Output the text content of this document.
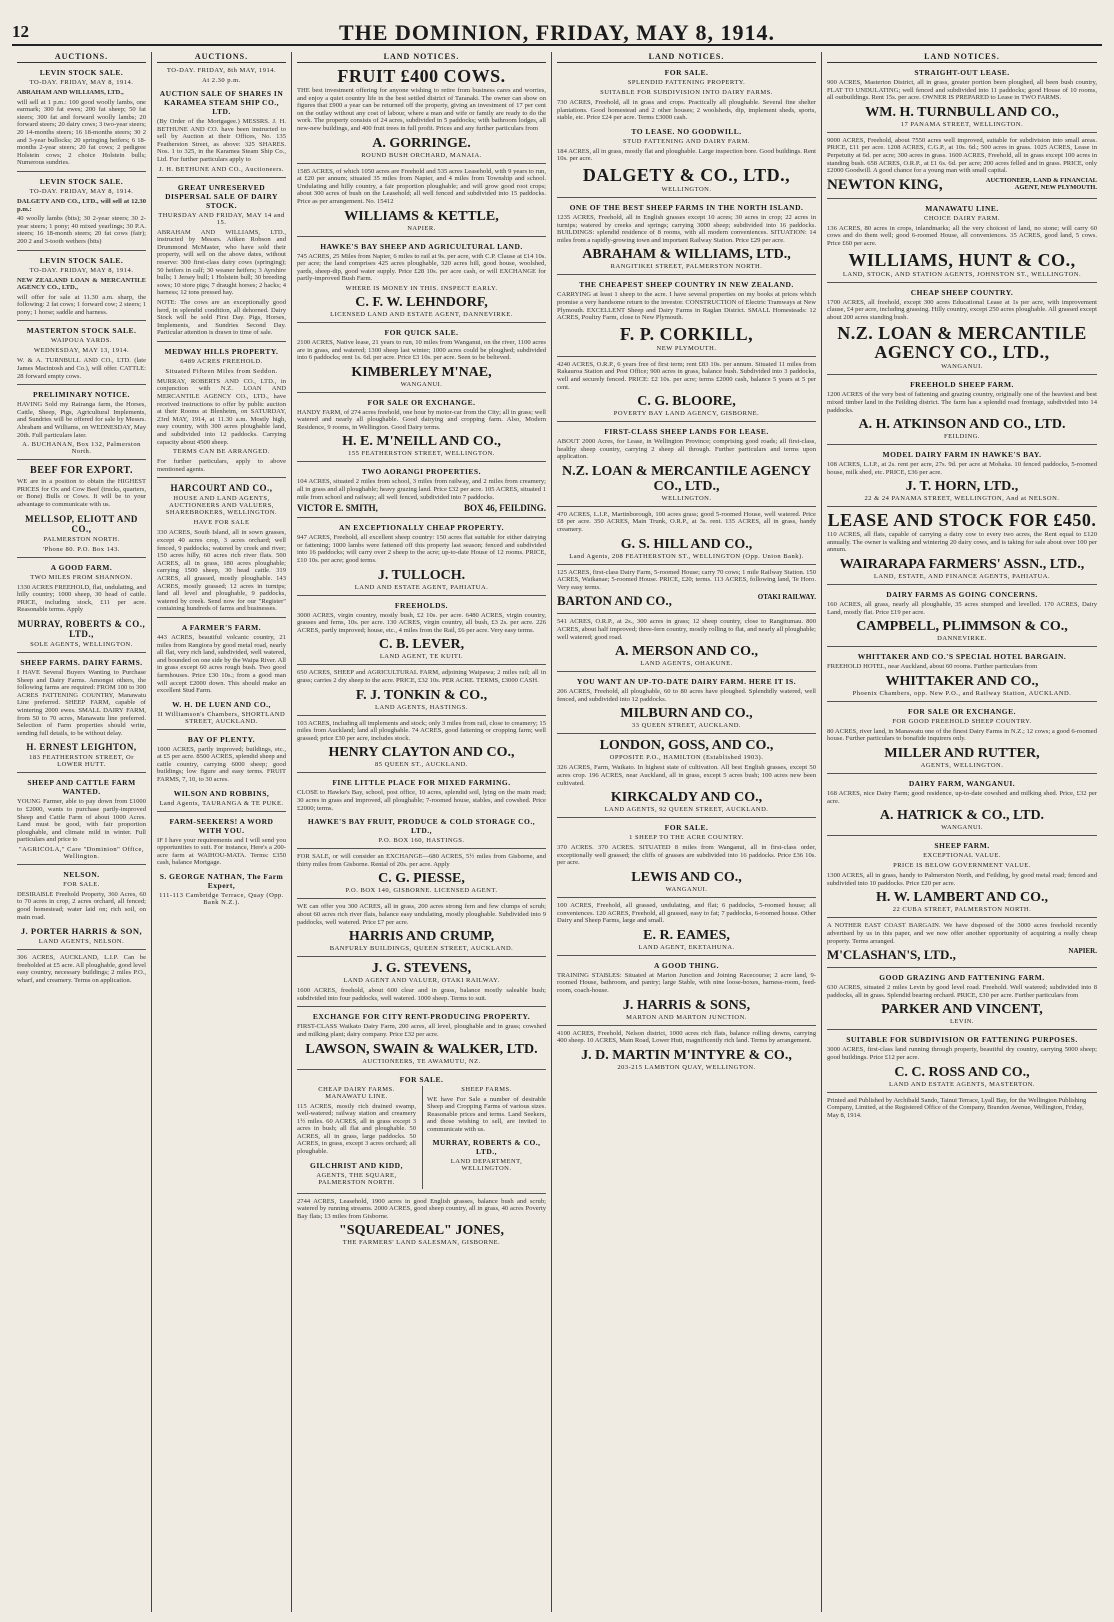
12	THE DOMINION, FRIDAY, MAY 8, 1914.
AUCTIONS.
LEVIN STOCK SALE.
TO-DAY. FRIDAY, MAY 8, 1914.
ABRAHAM AND WILLIAMS, LTD.,
will sell at 1 p.m.: 100 good woolly lambs, one earmark; 300 fat ewes; 200 fat sheep; 50 fat steers; 300 fat and forward woolly lambs; 20 forward steers; 20 dairy cows; 3 two-year steers; 20 14-months steers; 16 18-months steers; 30 2 and 3-year bullocks; 20 springing heifers; 6 18-months 2-year steers; 20 fat cows; 2 pedigree Holstein cows; 2 choice Holstein bulls; Numerous sundries.
LEVIN STOCK SALE.
TO-DAY. FRIDAY, MAY 8, 1914.
DALGETY AND CO., LTD., will sell at 12.30 p.m.:
40 woolly lambs (bits); 30 2-year steers; 30 2-year steers; 1 pony; 40 mixed yearlings; 30 P.A. steers; 16 18-month steers; 20 fat cows (fair); 200 2 and 3-tooth wethers (bits)
LEVIN STOCK SALE.
TO-DAY. FRIDAY, MAY 8, 1914.
NEW ZEALAND LOAN & MERCANTILE AGENCY CO., LTD.,
will offer for sale at 11.30 a.m. sharp, the following: 2 fat cows; 1 forward cow; 2 steers; 1 pony; 1 horse; saddle and harness.
MASTERTON STOCK SALE.
WAIPOUA YARDS.
WEDNESDAY, MAY 13, 1914.
W. & A. TURNBULL AND CO., LTD. (late James Macintosh and Co.), will offer. CATTLE: 28 forward empty cows.
PRELIMINARY NOTICE.
HAVING Sold my Rairanga farm, the Horses, Cattle, Sheep, Pigs, Agricultural Implements, and Sundries will be offered for sale by Messrs. Abraham and Williams, on WEDNESDAY, May 20th. Full particulars later.
A. BUCHANAN, Box 132, Palmerston North.
BEEF FOR EXPORT.
WE are in a position to obtain the HIGHEST PRICES for Ox and Cow Beef (trucks, quarters, or Bone) Bulls or Cows. It will be to your advantage to communicate with us.
MELLSOP, ELIOTT AND CO.,
PALMERSTON NORTH.
'Phone 80. P.O. Box 143.
A GOOD FARM.
TWO MILES FROM SHANNON.
1330 ACRES FREEHOLD, flat, undulating, and hilly country; 1000 sheep, 30 head of cattle. PRICE, including stock, £11 per acre. Reasonable terms. Apply
MURRAY, ROBERTS & CO., LTD.,
SOLE AGENTS, WELLINGTON.
SHEEP FARMS. DAIRY FARMS.
I HAVE Several Buyers Wanting to Purchase Sheep and Dairy Farms. Amongst others, the following farms are required: FROM 100 to 300 ACRES FATTENING COUNTRY, Manawatu Line preferred. SHEEP FARM, capable of wintering 2000 ewes. SMALL DAIRY FARM, from 50 to 70 acres, Manawatu line preferred. Selection of Farm properties should write, sending full details, to be without delay.
H. ERNEST LEIGHTON,
183 FEATHERSTON STREET, Or LOWER HUTT.
SHEEP AND CATTLE FARM WANTED.
YOUNG Farmer, able to pay down from £1000 to £2000, wants to purchase partly-improved Sheep and Cattle Farm of about 1000 Acres. Land must be good, with fair proportion ploughable, and climate mild in winter. Full particulars and price to
"AGRICOLA," Care "Dominion" Office, Wellington.
NELSON.
FOR SALE.
DESIRABLE Freehold Property, 360 Acres, 60 to 70 acres in crop, 2 acres orchard, all fenced; good homestead; water laid on; rich soil, on main road.
J. PORTER HARRIS & SON,
LAND AGENTS, NELSON.
306 ACRES, AUCKLAND, L.I.P. Can be freeholded at £5 acre. All ploughable, good level easy country, necessary buildings; 2 miles P.O., wharf, and creamery. Terms on application.
AUCTIONS.
TO-DAY. FRIDAY, 8th MAY, 1914.
At 2.30 p.m.
AUCTION SALE OF SHARES IN KARAMEA STEAM SHIP CO., LTD.
(By Order of the Mortgagee.) MESSRS. J. H. BETHUNE AND CO. have been instructed to sell by Auction at their Offices, No. 135 Featherston Street, as above: 325 SHARES. Nos. 1 to 325, in the Karamea Steam Ship Co., Ltd. For further particulars apply to
J. H. BETHUNE AND CO., Auctioneers.
GREAT UNRESERVED DISPERSAL SALE OF DAIRY STOCK.
THURSDAY AND FRIDAY, MAY 14 and 15.
ABRAHAM AND WILLIAMS, LTD., instructed by Messrs. Aitken Robson and Drummond McMaster, who have sold their property, will sell on the above dates, without reserve: 300 first-class dairy cows (springing); 50 heifers in calf; 30 weaner heifers; 3 Ayrshire bulls; 1 Jersey bull; 1 Holstein bull; 30 breeding sows; 10 store pigs; 7 draught horses; 2 hacks; 4 harness; 12 tons pressed hay.
NOTE: The cows are an exceptionally good herd, in splendid condition, all dehorned. Dairy Stock will be sold First Day. Pigs, Horses, Implements, and Sundries Second Day. Particular attention is drawn to time of sale.
MEDWAY HILLS PROPERTY.
6489 ACRES FREEHOLD.
Situated Fifteen Miles from Seddon.
MURRAY, ROBERTS AND CO., LTD., in conjunction with N.Z. LOAN AND MERCANTILE AGENCY CO., LTD., have received instructions to offer by public auction at their Rooms at Blenheim, on SATURDAY, 23rd MAY, 1914, at 11.30 a.m. Mostly high, easy country, with 300 acres ploughable land, and subdivided into 12 paddocks. Carrying capacity about 4500 sheep.
TERMS CAN BE ARRANGED.
For further particulars, apply to above mentioned agents.
HARCOURT AND CO.,
HOUSE AND LAND AGENTS, AUCTIONEERS AND VALUERS, SHAREBROKERS, WELLINGTON.
HAVE FOR SALE
330 ACRES, South Island, all in sown grasses, except 40 acres crop, 3 acres orchard; well fenced, 9 paddocks; watered by creek and river; 150 acres hilly, 60 acres rich river flats. 500 ACRES, all in grass, 180 acres ploughable; carrying 1500 sheep, 30 head cattle. 319 ACRES, all grassed, mostly ploughable. 143 ACRES, mostly grassed; 12 acres in turnips; land all level and ploughable, 9 paddocks, watered by creek. Send now for our "Register" containing hundreds of farms and businesses.
A FARMER'S FARM.
443 ACRES, beautiful volcanic country, 21 miles from Rangiora by good metal road, nearly all flat, very rich land, subdivided, well watered, and bounded on one side by the Waipa River. All in grass except 60 acres rough bush. Two good farmhouses. Price £30 10s.; from a good man will accept £2000 down. This should make an excellent Stud Farm.
W. H. DE LUEN AND CO.,
II Williamson's Chambers, SHORTLAND STREET, AUCKLAND.
BAY OF PLENTY.
1000 ACRES, partly improved; buildings, etc., at £5 per acre. 8500 ACRES, splendid sheep and cattle country, carrying 6000 sheep; good buildings; low figure and easy terms. FRUIT FARMS, 7, 10, to 30 acres.
WILSON AND ROBBINS,
Land Agents, TAURANGA & TE PUKE.
FARM-SEEKERS! A WORD WITH YOU.
IF I have your requirements and I will send you opportunities to suit. For instance, Here's a 200-acre farm at WAIHOU-MATA. Terms: £350 cash, balance Mortgage.
S. GEORGE NATHAN, The Farm Expert,
111-113 Cambridge Terrace, Quay (Opp. Bank N.Z.).
LAND NOTICES.
FRUIT £400 COWS.
THE best investment offering for anyone wishing to retire from business cares and worries, and enjoy a quiet country life in the best settled district of Taranaki. The owner can show on figures that £900 a year can be returned off the property, giving an investment of 17 per cent on the outlay without any cost of labour, where a man and wife or family are ready to do the work. The property consists of 24 acres, subdivided in 5 paddocks; with bathroom lodges, all new-new buildings, and 400 fruit trees in full profit. Prices and any further particulars from
A. GORRINGE.
ROUND BUSH ORCHARD, MANAIA.
1585 ACRES, of which 1050 acres are Freehold and 535 acres Leasehold, with 9 years to run, at £20 per annum; situated 35 miles from Napier, and 4 miles from Township and school. Undulating and hilly country, a fair proportion ploughable; and will grow good root crops; about 300 acres of bush on the Leasehold; all well fenced and subdivided into 15 paddocks. Price as per arrangement. No. 15412
WILLIAMS & KETTLE,
NAPIER.
HAWKE'S BAY SHEEP AND AGRICULTURAL LAND.
745 ACRES, 25 Miles from Napier, 6 miles to rail at 9s. per acre, with C.P. Clause at £14 10s. per acre; the land comprises 425 acres ploughable, 320 acres hill, good house, woolshed, yards, sheep-dip, good water supply. Price £28 10s. per acre cash, or will EXCHANGE for partly-improved Bush Farm.
WHERE IS MONEY IN THIS. INSPECT EARLY.
C. F. W. LEHNDORF,
LICENSED LAND AND ESTATE AGENT, DANNEVIRKE.
FOR QUICK SALE.
2100 ACRES, Native lease, 21 years to run, 10 miles from Wanganui, on the river, 1100 acres are in grass, and watered; 1300 sheep last winter; 1000 acres could be ploughed; subdivided into 6 paddocks; rent 1s. 6d. per acre. Price £3 10s. per acre. Seen to be believed.
KIMBERLEY M'NAE,
WANGANUI.
FOR SALE OR EXCHANGE.
HANDY FARM, of 274 acres freehold, one hour by motor-car from the City; all in grass; well watered and nearly all ploughable. Good dairying and cropping farm. Also, Modern Residence, 9 rooms, in Wellington. Good Dairy terms.
H. E. M'NEILL AND CO.,
155 FEATHERSTON STREET, WELLINGTON.
TWO AORANGI PROPERTIES.
104 ACRES, situated 2 miles from school, 3 miles from railway, and 2 miles from creamery; all in grass and all ploughable; heavy grazing land. Price £32 per acre. 105 ACRES, situated 1 mile from school and railway; all well fenced, subdivided into 7 paddocks.
VICTOR E. SMITH,	BOX 46, FEILDING.
AN EXCEPTIONALLY CHEAP PROPERTY.
947 ACRES, Freehold, all excellent sheep country: 150 acres flat suitable for either dairying or fattening; 1000 lambs were fattened off this property last season; fenced and subdivided into 16 paddocks; will carry over 2 sheep to the acre; up-to-date House of 12 rooms. PRICE, £10 10s. per acre; good terms.
J. TULLOCH.
LAND AND ESTATE AGENT, PAHIATUA.
FREEHOLDS.
3000 ACRES, virgin country, mostly bush, £2 10s. per acre. 6480 ACRES, virgin country, grasses and ferns, 10s. per acre. 130 ACRES, virgin country, all bush, £3 2s. per acre. 226 ACRES, partly improved; house, etc., 4 miles from the Rail, £6 per acre. Very easy terms.
C. B. LEVER,
LAND AGENT, TE KUITI.
650 ACRES, SHEEP and AGRICULTURAL FARM, adjoining Waipawa; 2 miles rail; all in grass; carries 2 dry sheep to the acre. PRICE, £32 10s. PER ACRE. TERMS, £3000 CASH.
F. J. TONKIN & CO.,
LAND AGENTS, HASTINGS.
103 ACRES, including all implements and stock; only 3 miles from rail, close to creamery; 15 miles from Auckland; land all ploughable. 74 ACRES, good fattening or cropping farm; well grassed; price £30 per acre, includes stock.
HENRY CLAYTON AND CO.,
85 QUEEN ST., AUCKLAND.
FINE LITTLE PLACE FOR MIXED FARMING.
CLOSE to Hawke's Bay, school, post office, 10 acres, splendid soil, lying on the main road; 30 acres in grass and improved, all ploughable; 7-roomed house, stables, and cowshed. Price £2000; terms.
HAWKE'S BAY FRUIT, PRODUCE & COLD STORAGE CO., LTD.,
P.O. BOX 160, HASTINGS.
FOR SALE, or will consider an EXCHANGE—680 ACRES, 5½ miles from Gisborne, and thirty miles from Gisborne. Rental of 20s. per acre. Apply
C. G. PIESSE,
P.O. BOX 140, GISBORNE. LICENSED AGENT.
WE can offer you 300 ACRES, all in grass, 200 acres strong fern and few clumps of scrub; about 60 acres rich river flats, balance easy undulating, mostly ploughable. Subdivided into 9 paddocks, well watered. Price £7 per acre.
HARRIS AND CRUMP,
BANFURLY BUILDINGS, QUEEN STREET, AUCKLAND.
J. G. STEVENS,
LAND AGENT AND VALUER, OTAKI RAILWAY.
1600 ACRES, freehold, about 600 clear and in grass, balance mostly saleable bush; subdivided into four paddocks, well watered. 1000 sheep. Terms to suit.
EXCHANGE FOR CITY RENT-PRODUCING PROPERTY.
FIRST-CLASS Waikato Dairy Farm, 200 acres, all level, ploughable and in grass; cowshed and milking plant; dairy company. Price £32 per acre.
LAWSON, SWAIN & WALKER, LTD.
AUCTIONEERS, TE AWAMUTU, NZ.
FOR SALE.
CHEAP DAIRY FARMS. MANAWATU LINE.
115 ACRES, mostly rich drained swamp, well-watered; railway station and creamery 1½ miles. 60 ACRES, all in grass except 3 acres in bush; all flat and ploughable. 50 ACRES, all in grass, large paddocks. 50 ACRES, in grass, except 3 acres orchard; all ploughable.
GILCHRIST AND KIDD,
AGENTS, THE SQUARE, PALMERSTON NORTH.
SHEEP FARMS.
WE have For Sale a number of desirable Sheep and Cropping Farms of various sizes. Reasonable prices and terms. Land Seekers, and those wishing to sell, are invited to communicate with us.
MURRAY, ROBERTS & CO., LTD.,
LAND DEPARTMENT, WELLINGTON.
2744 ACRES, Leasehold, 1900 acres in good English grasses, balance bush and scrub; watered by running streams. 2000 ACRES, good sheep country, all in grass, 40 acres Poverty Bay flats; 13 miles from Gisborne.
"SQUAREDEAL" JONES,
THE FARMERS' LAND SALESMAN, GISBORNE.
LAND NOTICES.
FOR SALE.
SPLENDID FATTENING PROPERTY.
SUITABLE FOR SUBDIVISION INTO DAIRY FARMS.
730 ACRES, Freehold, all in grass and crops. Practically all ploughable. Several fine shelter plantations. Good homestead and 2 other houses; 2 woolsheds, dip, implement sheds, sports, stable, etc. Price £24 per acre. Terms £3000 cash.
TO LEASE. NO GOODWILL.
STUD FATTENING AND DAIRY FARM.
184 ACRES, all in grass, mostly flat and ploughable. Large inspection bore. Good buildings. Rent 10s. per acre.
DALGETY & CO., LTD.,
WELLINGTON.
ONE OF THE BEST SHEEP FARMS IN THE NORTH ISLAND.
1235 ACRES, Freehold, all in English grasses except 10 acres; 30 acres in crop; 22 acres in turnips; watered by creeks and springs; carrying 3000 sheep; subdivided into 16 paddocks. BUILDINGS: splendid residence of 8 rooms, with all modern conveniences. SITUATION: 14 miles from a rapidly-growing town and important Railway Station. Price £29 per acre.
ABRAHAM & WILLIAMS, LTD.,
RANGITIKEI STREET, PALMERSTON NORTH.
THE CHEAPEST SHEEP COUNTRY IN NEW ZEALAND.
CARRYING at least 1 sheep to the acre. I have several properties on my books at prices which promise a very handsome return to the investor. CONSTRUCTION of Electric Tramways at New Plymouth. EXCELLENT Sheep and Dairy Farms in Raglan District. SMALL Homesteads: 12 ACRES, Poultry Farm, close to New Plymouth.
F. P. CORKILL,
NEW PLYMOUTH.
4240 ACRES, O.R.P., 6 years free of first term; rent £83 10s. per annum. Situated 11 miles from Rakauroa Station and Post Office; 900 acres in grass, balance bush. Subdivided into 3 paddocks, well and securely fenced. PRICE: £2 10s. per acre; terms £2000 cash, balance 5 years at 5 per cent.
C. G. BLOORE,
POVERTY BAY LAND AGENCY, GISBORNE.
FIRST-CLASS SHEEP LANDS FOR LEASE.
ABOUT 2000 Acres, for Lease, in Wellington Province; comprising good roads; all first-class, healthy sheep country, carrying 2 sheep all through. Further particulars and terms upon application.
N.Z. LOAN & MERCANTILE AGENCY CO., LTD.,
WELLINGTON.
470 ACRES, L.I.P., Martinborough, 100 acres grass; good 5-roomed House, well watered. Price £8 per acre. 350 ACRES, Main Trunk, O.R.P., at 3s. rent. 135 ACRES, all in grass, handy creamery.
G. S. HILL AND CO.,
Land Agents, 208 FEATHERSTON ST., WELLINGTON (Opp. Union Bank).
125 ACRES, first-class Dairy Farm, 5-roomed House; carry 70 cows; 1 mile Railway Station. 150 ACRES, Waikanae; 5-roomed House. PRICE, £20; terms. 113 ACRES, following land, Te Horo. Very easy terms.
BARTON AND CO.,	OTAKI RAILWAY.
541 ACRES, O.R.P., at 2s., 300 acres in grass; 12 sheep country, close to Rangitumau. 800 ACRES, about half improved; three-fern country, mostly rolling to flat, and nearly all ploughable; well watered; good road.
A. MERSON AND CO.,
LAND AGENTS, OHAKUNE.
YOU WANT AN UP-TO-DATE DAIRY FARM. HERE IT IS.
206 ACRES, Freehold, all ploughable, 60 to 80 acres have ploughed. Splendidly watered, well fenced, and subdivided into 12 paddocks.
MILBURN AND CO.,
33 QUEEN STREET, AUCKLAND.
LONDON, GOSS, AND CO.,
OPPOSITE P.O., HAMILTON (Established 1903).
326 ACRES, Farm, Waikato. In highest state of cultivation. All best English grasses, except 50 acres crop. 196 ACRES, near Auckland, all in grass, except 5 acres bush; 100 acres new been cultivated.
KIRKCALDY AND CO.,
LAND AGENTS, 92 QUEEN STREET, AUCKLAND.
FOR SALE.
1 SHEEP TO THE ACRE COUNTRY.
370 ACRES. 370 ACRES. SITUATED 8 miles from Wanganui, all in first-class order, exceptionally well grassed; the cliffs of grasses are subdivided into 16 paddocks. Price £36 10s. per acre.
LEWIS AND CO.,
WANGANUI.
100 ACRES, Freehold, all grassed, undulating, and flat; 6 paddocks, 5-roomed house; all conveniences. 120 ACRES, Freehold, all grassed, easy to fat; 7 paddocks, 6-roomed house. Other Dairy and Sheep Farms, large and small.
E. R. EAMES,
LAND AGENT, EKETAHUNA.
A GOOD THING.
TRAINING STABLES: Situated at Marton Junction and Joining Racecourse; 2 acre land, 9-roomed House, bathroom, and pantry; large Stable, with nine loose-boxes, harness-room, feed-room, coach-house.
J. HARRIS & SONS,
MARTON AND MARTON JUNCTION.
4100 ACRES, Freehold, Nelson district, 1000 acres rich flats, balance rolling downs, carrying 400 sheep. 10 ACRES, Main Road, Lower Hutt, magnificently rich land. Terms by arrangement.
J. D. MARTIN M'INTYRE & CO.,
203-215 LAMBTON QUAY, WELLINGTON.
LAND NOTICES.
STRAIGHT-OUT LEASE.
900 ACRES, Masterton District, all in grass, greater portion been ploughed, all been bush country, FLAT TO UNDULATING; well fenced and subdivided into 11 paddocks; good House of 10 rooms, all outbuildings. Rent 15s. per acre. OWNER IS PREPARED to Lease in TWO FARMS.
WM. H. TURNBULL AND CO.,
17 PANAMA STREET, WELLINGTON.
9000 ACRES, Freehold, about 7550 acres well improved, suitable for subdivision into small areas. PRICE, £11 per acre. 1208 ACRES, C.G.P., at 10s. 6d.; 500 acres in grass. 1025 ACRES, Lease in Perpetuity at 6d. per acre; 300 acres in grass. 1600 ACRES, Freehold, all in grass except 100 acres in standing bush. 658 ACRES, O.R.P., at £1 6s. 6d. per acre; 200 acres felled and in grass. PRICE, only £2000 Goodwill. A good chance for a young man with small capital.
NEWTON KING,	AUCTIONEER, LAND & FINANCIAL AGENT, NEW PLYMOUTH.
MANAWATU LINE.
CHOICE DAIRY FARM.
136 ACRES, 80 acres in crops, inlandmarks; all the very choicest of land, no stone; will carry 60 cows and do them well; good 6-roomed House, all conveniences. 35 ACRES, good land, 5 cows. Price £60 per acre.
WILLIAMS, HUNT & CO.,
LAND, STOCK, AND STATION AGENTS, JOHNSTON ST., WELLINGTON.
CHEAP SHEEP COUNTRY.
1700 ACRES, all freehold, except 300 acres Educational Lease at 1s per acre, with improvement clause, £4 per acre, including grassing. Hilly country, except 250 acres ploughable. All grassed except about 200 acres standing bush.
N.Z. LOAN & MERCANTILE AGENCY CO., LTD.,
WANGANUI.
FREEHOLD SHEEP FARM.
1200 ACRES of the very best of fattening and grazing country, originally one of the heaviest and best mixed timber land in the Feilding district. The farm has a splendid road frontage, subdivided into 14 paddocks.
A. H. ATKINSON AND CO., LTD.
FEILDING.
MODEL DAIRY FARM IN HAWKE'S BAY.
108 ACRES, L.I.P., at 2s. rent per acre, 27s. 9d. per acre at Mohaka. 10 fenced paddocks, 5-roomed house, milk shed, etc. PRICE, £36 per acre.
J. T. HORN, LTD.,
22 & 24 PANAMA STREET, WELLINGTON, And at NELSON.
LEASE AND STOCK FOR £450.
110 ACRES, all flats, capable of carrying a dairy cow to every two acres, the Rent equal to £120 annually. The owner is walking and wintering 20 dairy cows, and is taking for sale about over 100 per annum.
WAIRARAPA FARMERS' ASSN., LTD.,
LAND, ESTATE, AND FINANCE AGENTS, PAHIATUA.
DAIRY FARMS AS GOING CONCERNS.
160 ACRES, all grass, nearly all ploughable, 35 acres stumped and levelled. 170 ACRES, Dairy Land, mostly flat. Price £19 per acre.
CAMPBELL, PLIMMSON & CO.,
DANNEVIRKE.
WHITTAKER AND CO.'S SPECIAL HOTEL BARGAIN.
FREEHOLD HOTEL, near Auckland, about 60 rooms. Further particulars from
WHITTAKER AND CO.,
Phoenix Chambers, opp. New P.O., and Railway Station, AUCKLAND.
FOR SALE OR EXCHANGE.
FOR GOOD FREEHOLD SHEEP COUNTRY.
80 ACRES, river land, in Manawatu one of the finest Dairy Farms in N.Z.; 12 cows; a good 6-roomed house. Further particulars to bonafide inquirers only.
MILLER AND RUTTER,
AGENTS, WELLINGTON.
DAIRY FARM, WANGANUI.
168 ACRES, nice Dairy Farm; good residence, up-to-date cowshed and milking shed. Price, £32 per acre.
A. HATRICK & CO., LTD.
WANGANUI.
SHEEP FARM.
EXCEPTIONAL VALUE.
PRICE IS BELOW GOVERNMENT VALUE.
1300 ACRES, all in grass, handy to Palmerston North, and Feilding, by good metal road; fenced and subdivided into 10 paddocks. Price £20 per acre.
H. W. LAMBERT AND CO.,
22 CUBA STREET, PALMERSTON NORTH.
A NOTHER EAST COAST BARGAIN. We have disposed of the 3000 acres freehold recently advertised by us in this paper, and we now offer another opportunity of acquiring a really cheap property. Terms arranged.
M'CLASHAN'S, LTD.,	NAPIER.
GOOD GRAZING AND FATTENING FARM.
630 ACRES, situated 2 miles Levin by good level road. Freehold. Well watered; subdivided into 8 paddocks, all in grass. Splendid bearing orchard. PRICE, £30 per acre. Further particulars from
PARKER AND VINCENT,
LEVIN.
SUITABLE FOR SUBDIVISION OR FATTENING PURPOSES.
3000 ACRES, first-class land running through property, beautiful dry country, carrying 5000 sheep; good buildings. Price £12 per acre.
C. C. ROSS AND CO.,
LAND AND ESTATE AGENTS, MASTERTON.
Printed and Published by Archibald Sando, Tainui Terrace, Lyall Bay, for the Wellington Publishing Company, Limited, at the Registered Office of the Company, Brandon Avenue, Wellington, Friday, May 8, 1914.
